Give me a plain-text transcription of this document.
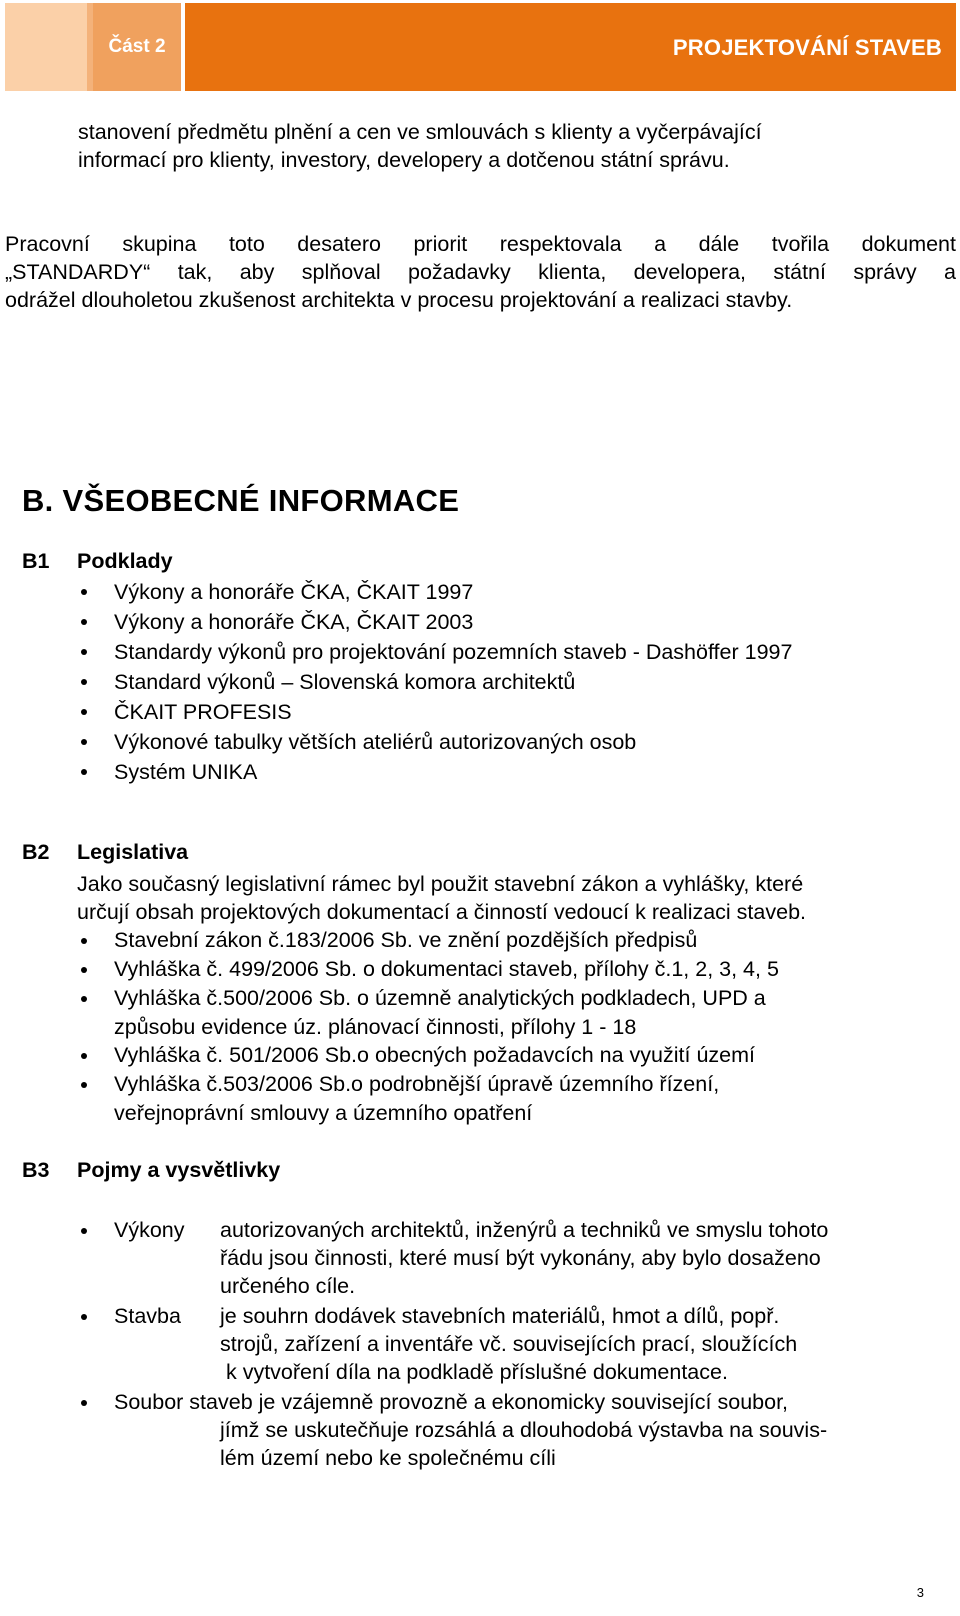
Část 2	PROJEKTOVÁNÍ STAVEB
stanovení předmětu plnění a cen ve smlouvách s klienty a vyčerpávající
informací pro klienty, investory, developery a dotčenou státní správu.
Pracovní skupina toto desatero priorit respektovala a dále tvořila dokument
„STANDARDY“ tak, aby splňoval požadavky klienta, developera, státní správy a
odrážel dlouholetou zkušenost architekta v procesu projektování a realizaci stavby.
B. VŠEOBECNÉ INFORMACE
B1 Podklady
Výkony a honoráře ČKA, ČKAIT 1997
Výkony a honoráře ČKA, ČKAIT 2003
Standardy výkonů pro projektování pozemních staveb - Dashöffer 1997
Standard výkonů – Slovenská komora architektů
ČKAIT PROFESIS
Výkonové tabulky větších ateliérů autorizovaných osob
Systém UNIKA
B2 Legislativa
Jako současný legislativní rámec byl použit stavební zákon a vyhlášky, které
určují obsah projektových dokumentací a činností vedoucí k realizaci staveb.
Stavební zákon č.183/2006 Sb. ve znění pozdějších předpisů
Vyhláška č. 499/2006 Sb. o dokumentaci staveb, přílohy č.1, 2, 3, 4, 5
Vyhláška č.500/2006 Sb. o územně analytických podkladech, UPD a
způsobu evidence úz. plánovací činnosti, přílohy 1 - 18
Vyhláška č. 501/2006 Sb.o obecných požadavcích na využití území
Vyhláška č.503/2006 Sb.o podrobnější úpravě územního řízení,
veřejnoprávní smlouvy a územního opatření
B3 Pojmy a vysvětlivky
Výkony autorizovaných architektů, inženýrů a techniků ve smyslu tohoto
řádu jsou činnosti, které musí být vykonány, aby bylo dosaženo
určeného cíle.
Stavba je souhrn dodávek stavebních materiálů, hmot a dílů, popř.
strojů, zařízení a inventáře vč. souvisejících prací, sloužících
k vytvoření díla na podkladě příslušné dokumentace.
Soubor staveb je vzájemně provozně a ekonomicky související soubor,
jímž se uskutečňuje rozsáhlá a dlouhodobá výstavba na souvis-
lém území nebo ke společnému cíli
3
